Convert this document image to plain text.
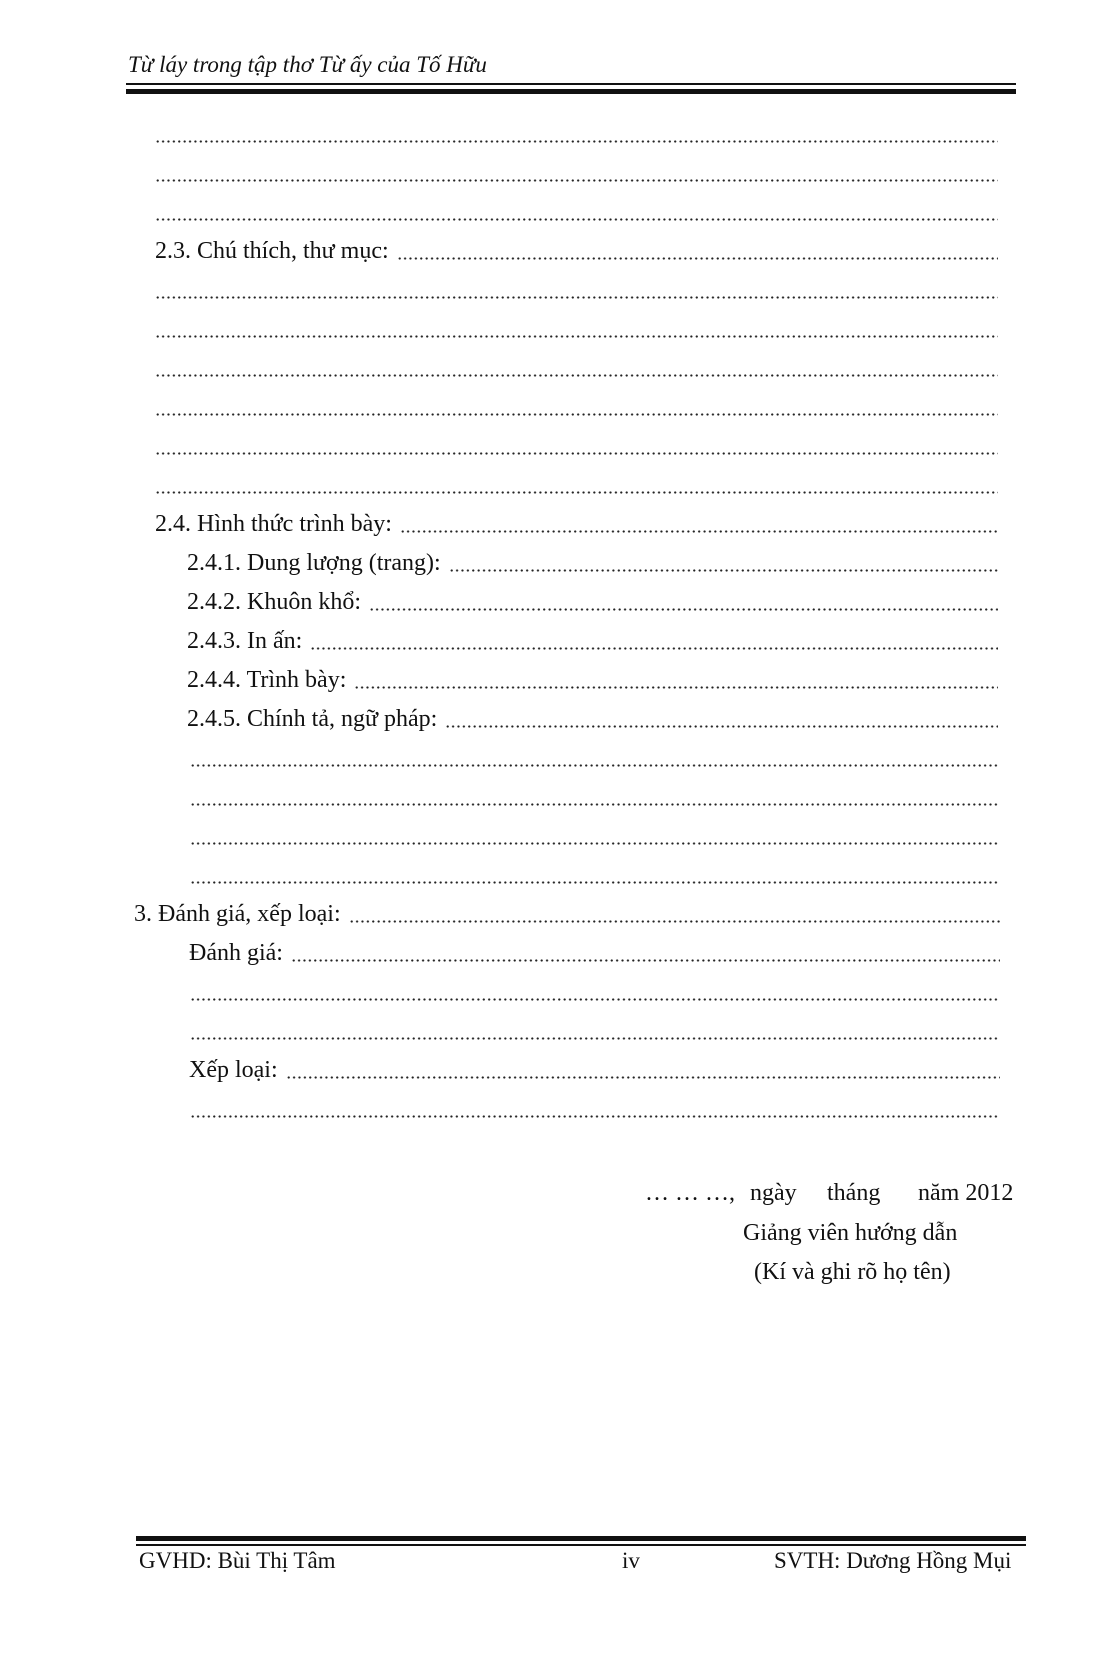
Từ láy trong tập thơ Từ ấy của Tố Hữu
2.3. Chú thích, thư mục:
2.4. Hình thức trình bày:
2.4.1. Dung lượng (trang):
2.4.2. Khuôn khổ:
2.4.3. In ấn:
2.4.4. Trình bày:
2.4.5. Chính tả, ngữ pháp:
3. Đánh giá, xếp loại:
Đánh giá:
Xếp loại:
… … …, ngày tháng năm 2012
Giảng viên hướng dẫn
(Kí và ghi rõ họ tên)
GVHD: Bùi Thị Tâm	iv	SVTH: Dương Hồng Mụi
